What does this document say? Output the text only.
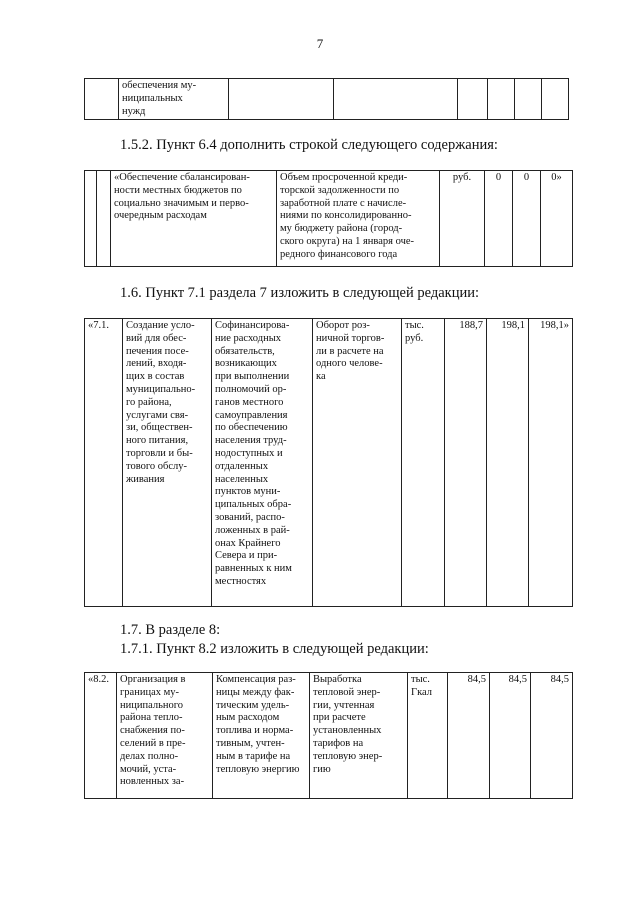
7
	обеспечения му-
ниципальных
нужд						
1.5.2. Пункт 6.4 дополнить строкой следующего содержания:
		«Обеспечение сбалансирован-
ности местных бюджетов по
социально значимым и перво-
очередным расходам	Объем просроченной креди-
торской задолженности по
заработной плате с начисле-
ниями по консолидированно-
му бюджету района (город-
ского округа) на 1 января оче-
редного финансового года	руб.	0	0	0»
1.6. Пункт 7.1 раздела 7 изложить в следующей редакции:
«7.1.	Создание усло-
вий для обес-
печения посе-
лений, входя-
щих в состав
муниципально-
го района,
услугами свя-
зи, обществен-
ного питания,
торговли и бы-
тового обслу-
живания	Софинансирова-
ние расходных
обязательств,
возникающих
при выполнении
полномочий ор-
ганов местного
самоуправления
по обеспечению
населения труд-
нодоступных и
отдаленных
населенных
пунктов муни-
ципальных обра-
зований, распо-
ложенных в рай-
онах Крайнего
Севера и при-
равненных к ним
местностях	Оборот роз-
ничной торгов-
ли в расчете на
одного челове-
ка	тыс.
руб.	188,7	198,1	198,1»
1.7. В разделе 8:
1.7.1. Пункт 8.2 изложить в следующей редакции:
«8.2.	Организация в
границах му-
ниципального
района тепло-
снабжения по-
селений в пре-
делах полно-
мочий, уста-
новленных за-	Компенсация раз-
ницы между фак-
тическим удель-
ным расходом
топлива и норма-
тивным, учтен-
ным в тарифе на
тепловую энергию	Выработка
тепловой энер-
гии, учтенная
при расчете
установленных
тарифов на
тепловую энер-
гию	тыс.
Гкал	84,5	84,5	84,5
